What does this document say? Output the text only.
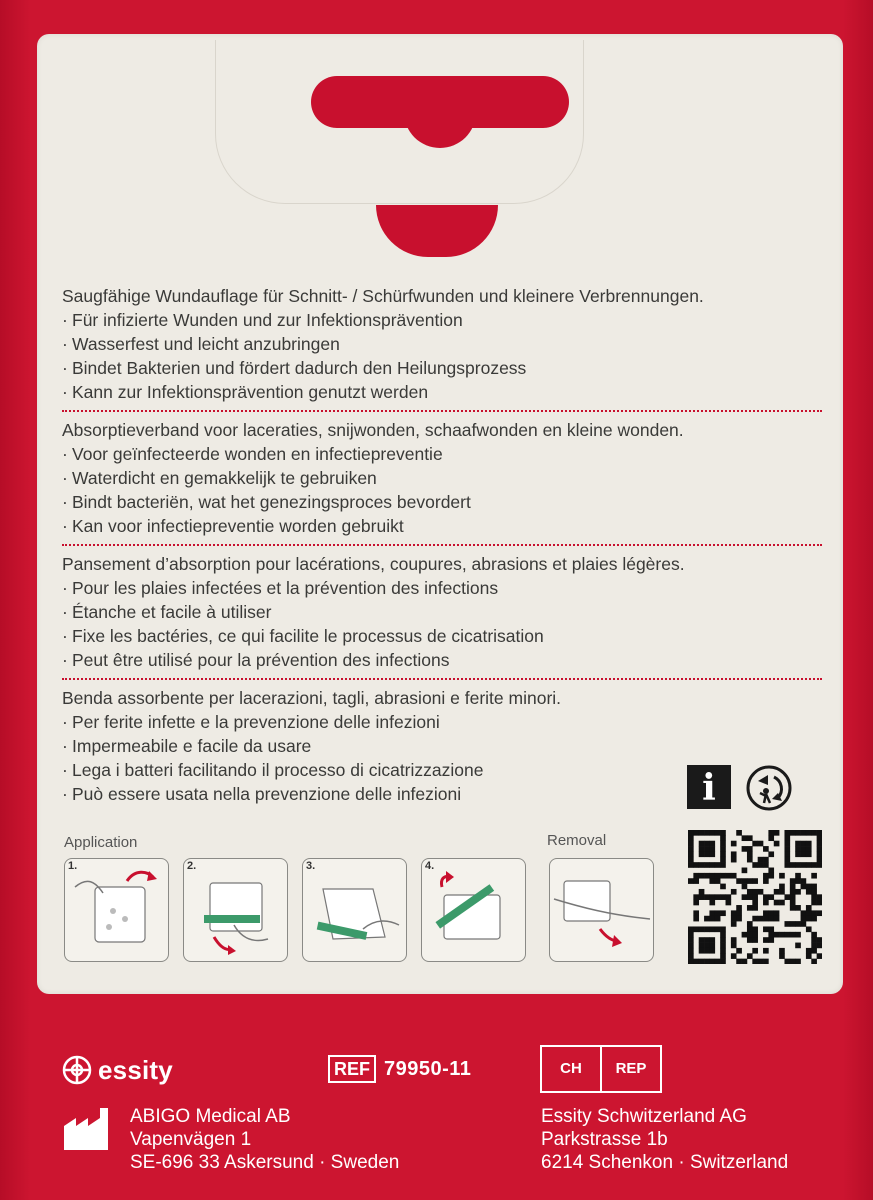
Saugfähige Wundauflage für Schnitt- / Schürfwunden und kleinere Verbrennungen.

· Für infizierte Wunden und zur Infektionsprävention
· Wasserfest und leicht anzubringen
· Bindet Bakterien und fördert dadurch den Heilungsprozess
· Kann zur Infektionsprävention genutzt werden

Absorptieverband voor laceraties, snijwonden, schaafwonden en kleine wonden.

· Voor geïnfecteerde wonden en infectiepreventie
· Waterdicht en gemakkelijk te gebruiken
· Bindt bacteriën, wat het genezingsproces bevordert
· Kan voor infectiepreventie worden gebruikt

Pansement d’absorption pour lacérations, coupures, abrasions et plaies légères.

· Pour les plaies infectées et la prévention des infections
· Étanche et facile à utiliser
· Fixe les bactéries, ce qui facilite le processus de cicatrisation
· Peut être utilisé pour la prévention des infections

Benda assorbente per lacerazioni, tagli, abrasioni e ferite minori.

· Per ferite infette e la prevenzione delle infezioni
· Impermeabile e facile da usare
· Lega i batteri facilitando il processo di cicatrizzazione
· Può essere usata nella prevenzione delle infezioni	i
Application	Removal
1.	2.	3.	4.
essity	REF 79950-11	CH	REP
ABIGO Medical AB
Vapenvägen 1
SE-696 33 Askersund · Sweden
Essity Schwitzerland AG
Parkstrasse 1b
6214 Schenkon · Switzerland
